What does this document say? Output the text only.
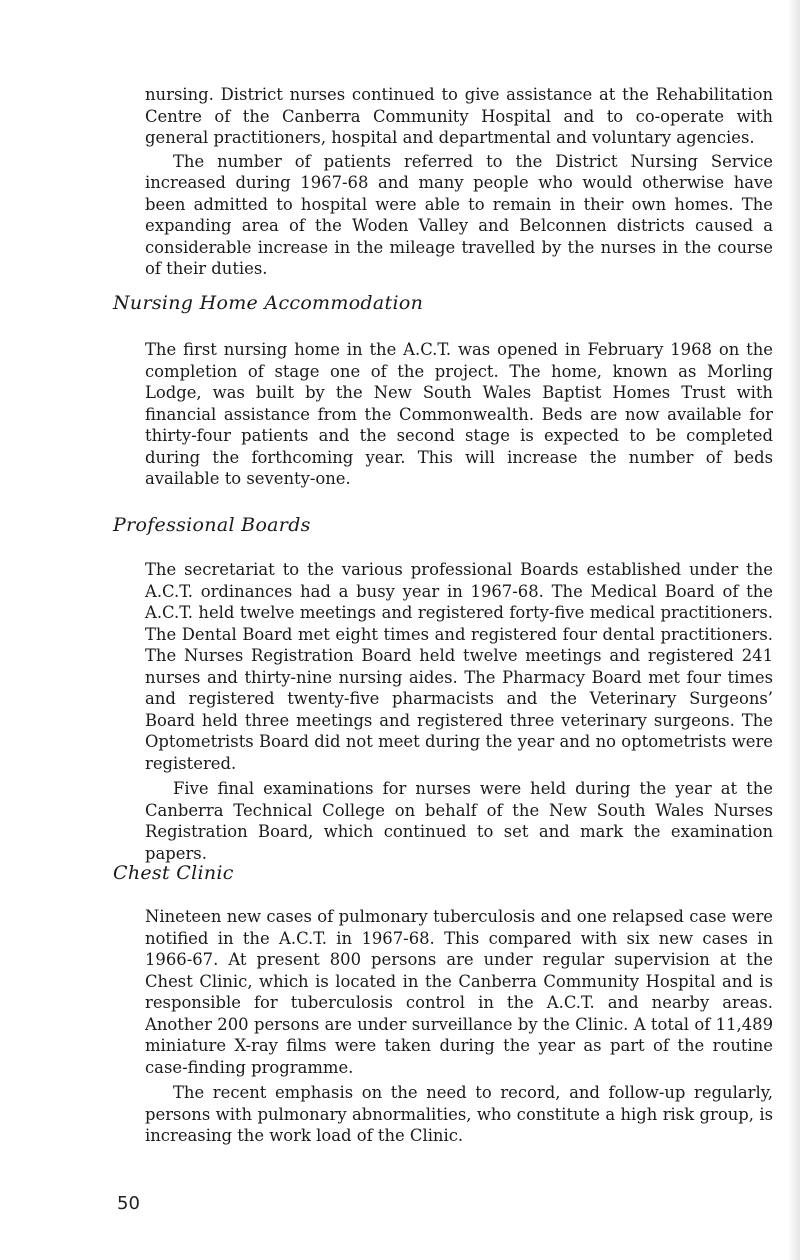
nursing. District nurses continued to give assistance at the Rehabilitation Centre of the Canberra Community Hospital and to co-operate with general practitioners, hospital and departmental and voluntary agencies.

The number of patients referred to the District Nursing Service increased during 1967-68 and many people who would otherwise have been admitted to hospital were able to remain in their own homes. The expanding area of the Woden Valley and Belconnen districts caused a considerable increase in the mileage travelled by the nurses in the course of their duties.

Nursing Home Accommodation

The first nursing home in the A.C.T. was opened in February 1968 on the completion of stage one of the project. The home, known as Morling Lodge, was built by the New South Wales Baptist Homes Trust with financial assistance from the Commonwealth. Beds are now available for thirty-four patients and the second stage is expected to be completed during the forthcoming year. This will increase the number of beds available to seventy-one.

Professional Boards

The secretariat to the various professional Boards established under the A.C.T. ordinances had a busy year in 1967-68. The Medical Board of the A.C.T. held twelve meetings and registered forty-five medical practitioners. The Dental Board met eight times and registered four dental practitioners. The Nurses Registration Board held twelve meetings and registered 241 nurses and thirty-nine nursing aides. The Pharmacy Board met four times and registered twenty-five pharmacists and the Veterinary Surgeons’ Board held three meetings and registered three veterinary surgeons. The Optometrists Board did not meet during the year and no optometrists were registered.

Five final examinations for nurses were held during the year at the Canberra Technical College on behalf of the New South Wales Nurses Registration Board, which continued to set and mark the examination papers.

Chest Clinic

Nineteen new cases of pulmonary tuberculosis and one relapsed case were notified in the A.C.T. in 1967-68. This compared with six new cases in 1966-67. At present 800 persons are under regular supervision at the Chest Clinic, which is located in the Canberra Community Hospital and is responsible for tuberculosis control in the A.C.T. and nearby areas. Another 200 persons are under surveillance by the Clinic. A total of 11,489 miniature X-ray films were taken during the year as part of the routine case-finding programme.

The recent emphasis on the need to record, and follow-up regularly, persons with pulmonary abnormalities, who constitute a high risk group, is increasing the work load of the Clinic.

50
